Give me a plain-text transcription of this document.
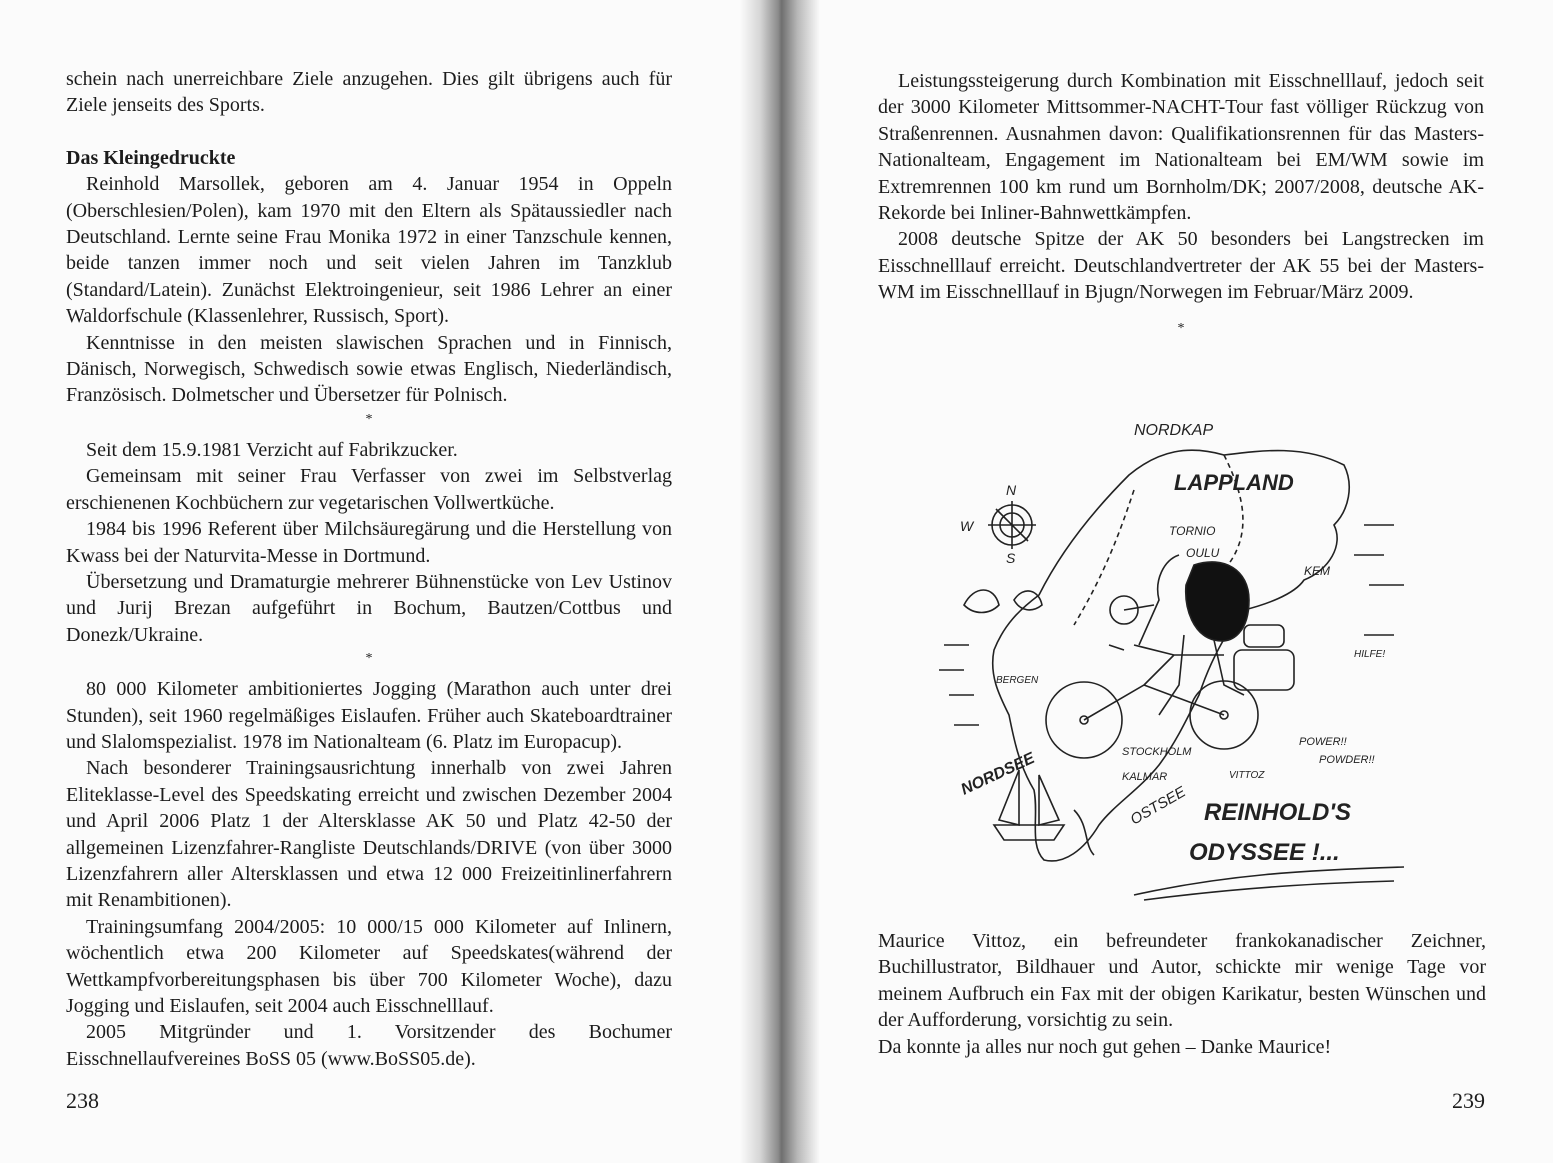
schein nach unerreichbare Ziele anzugehen. Dies gilt übrigens auch für Ziele jenseits des Sports.

Das Kleingedruckte

Reinhold Marsollek, geboren am 4. Januar 1954 in Oppeln (Oberschlesien/Polen), kam 1970 mit den Eltern als Spätaussiedler nach Deutschland. Lernte seine Frau Monika 1972 in einer Tanzschule kennen, beide tanzen immer noch und seit vielen Jahren im Tanzklub (Standard/Latein). Zunächst Elektroingenieur, seit 1986 Lehrer an einer Waldorfschule (Klassenlehrer, Russisch, Sport).

Kenntnisse in den meisten slawischen Sprachen und in Finnisch, Dänisch, Norwegisch, Schwedisch sowie etwas Englisch, Niederländisch, Französisch. Dolmetscher und Übersetzer für Polnisch.

*

Seit dem 15.9.1981 Verzicht auf Fabrikzucker.

Gemeinsam mit seiner Frau Verfasser von zwei im Selbstverlag erschienenen Kochbüchern zur vegetarischen Vollwertküche.

1984 bis 1996 Referent über Milchsäuregärung und die Herstellung von Kwass bei der Naturvita-Messe in Dortmund.

Übersetzung und Dramaturgie mehrerer Bühnenstücke von Lev Ustinov und Jurij Brezan aufgeführt in Bochum, Bautzen/Cottbus und Donezk/Ukraine.

*

80 000 Kilometer ambitioniertes Jogging (Marathon auch unter drei Stunden), seit 1960 regelmäßiges Eislaufen. Früher auch Skateboardtrainer und Slalomspezialist. 1978 im Nationalteam (6. Platz im Europacup).

Nach besonderer Trainingsausrichtung innerhalb von zwei Jahren Eliteklasse-Level des Speedskating erreicht und zwischen Dezember 2004 und April 2006 Platz 1 der Altersklasse AK 50 und Platz 42-50 der allgemeinen Lizenzfahrer-Rangliste Deutschlands/DRIVE (von über 3000 Lizenzfahrern aller Altersklassen und etwa 12 000 Freizeitinlinerfahrern mit Renambitionen).

Trainingsumfang 2004/2005: 10 000/15 000 Kilometer auf Inlinern, wöchentlich etwa 200 Kilometer auf Speedskates(während der Wettkampfvorbereitungsphasen bis über 700 Kilometer Woche), dazu Jogging und Eislaufen, seit 2004 auch Eisschnelllauf.

2005 Mitgründer und 1. Vorsitzender des Bochumer Eisschnellaufvereines BoSS 05 (www.BoSS05.de).

238

Leistungssteigerung durch Kombination mit Eisschnelllauf, jedoch seit der 3000 Kilometer Mittsommer-NACHT-Tour fast völliger Rückzug von Straßenrennen. Ausnahmen davon: Qualifikationsrennen für das Masters-Nationalteam, Engagement im Nationalteam bei EM/WM sowie im Extremrennen 100 km rund um Bornholm/DK; 2007/2008, deutsche AK-Rekorde bei Inliner-Bahnwettkämpfen.

2008 deutsche Spitze der AK 50 besonders bei Langstrecken im Eisschnelllauf erreicht. Deutschlandvertreter der AK 55 bei der Masters-WM im Eisschnelllauf in Bjugn/Norwegen im Februar/März 2009.

*
NORDKAP
LAPPLAND
TORNIO
OULU
KEM
BERGEN
STOCKHOLM
KALMAR
NORDSEE
OSTSEE
VITTOZ
HILFE!
POWER!!
POWDER!!
REINHOLD'S
ODYSSEE !...
N
W
S

Maurice Vittoz, ein befreundeter frankokanadischer Zeichner, Buchillustrator, Bildhauer und Autor, schickte mir wenige Tage vor meinem Aufbruch ein Fax mit der obigen Karikatur, besten Wünschen und der Aufforderung, vorsichtig zu sein.

Da konnte ja alles nur noch gut gehen – Danke Maurice!

239
